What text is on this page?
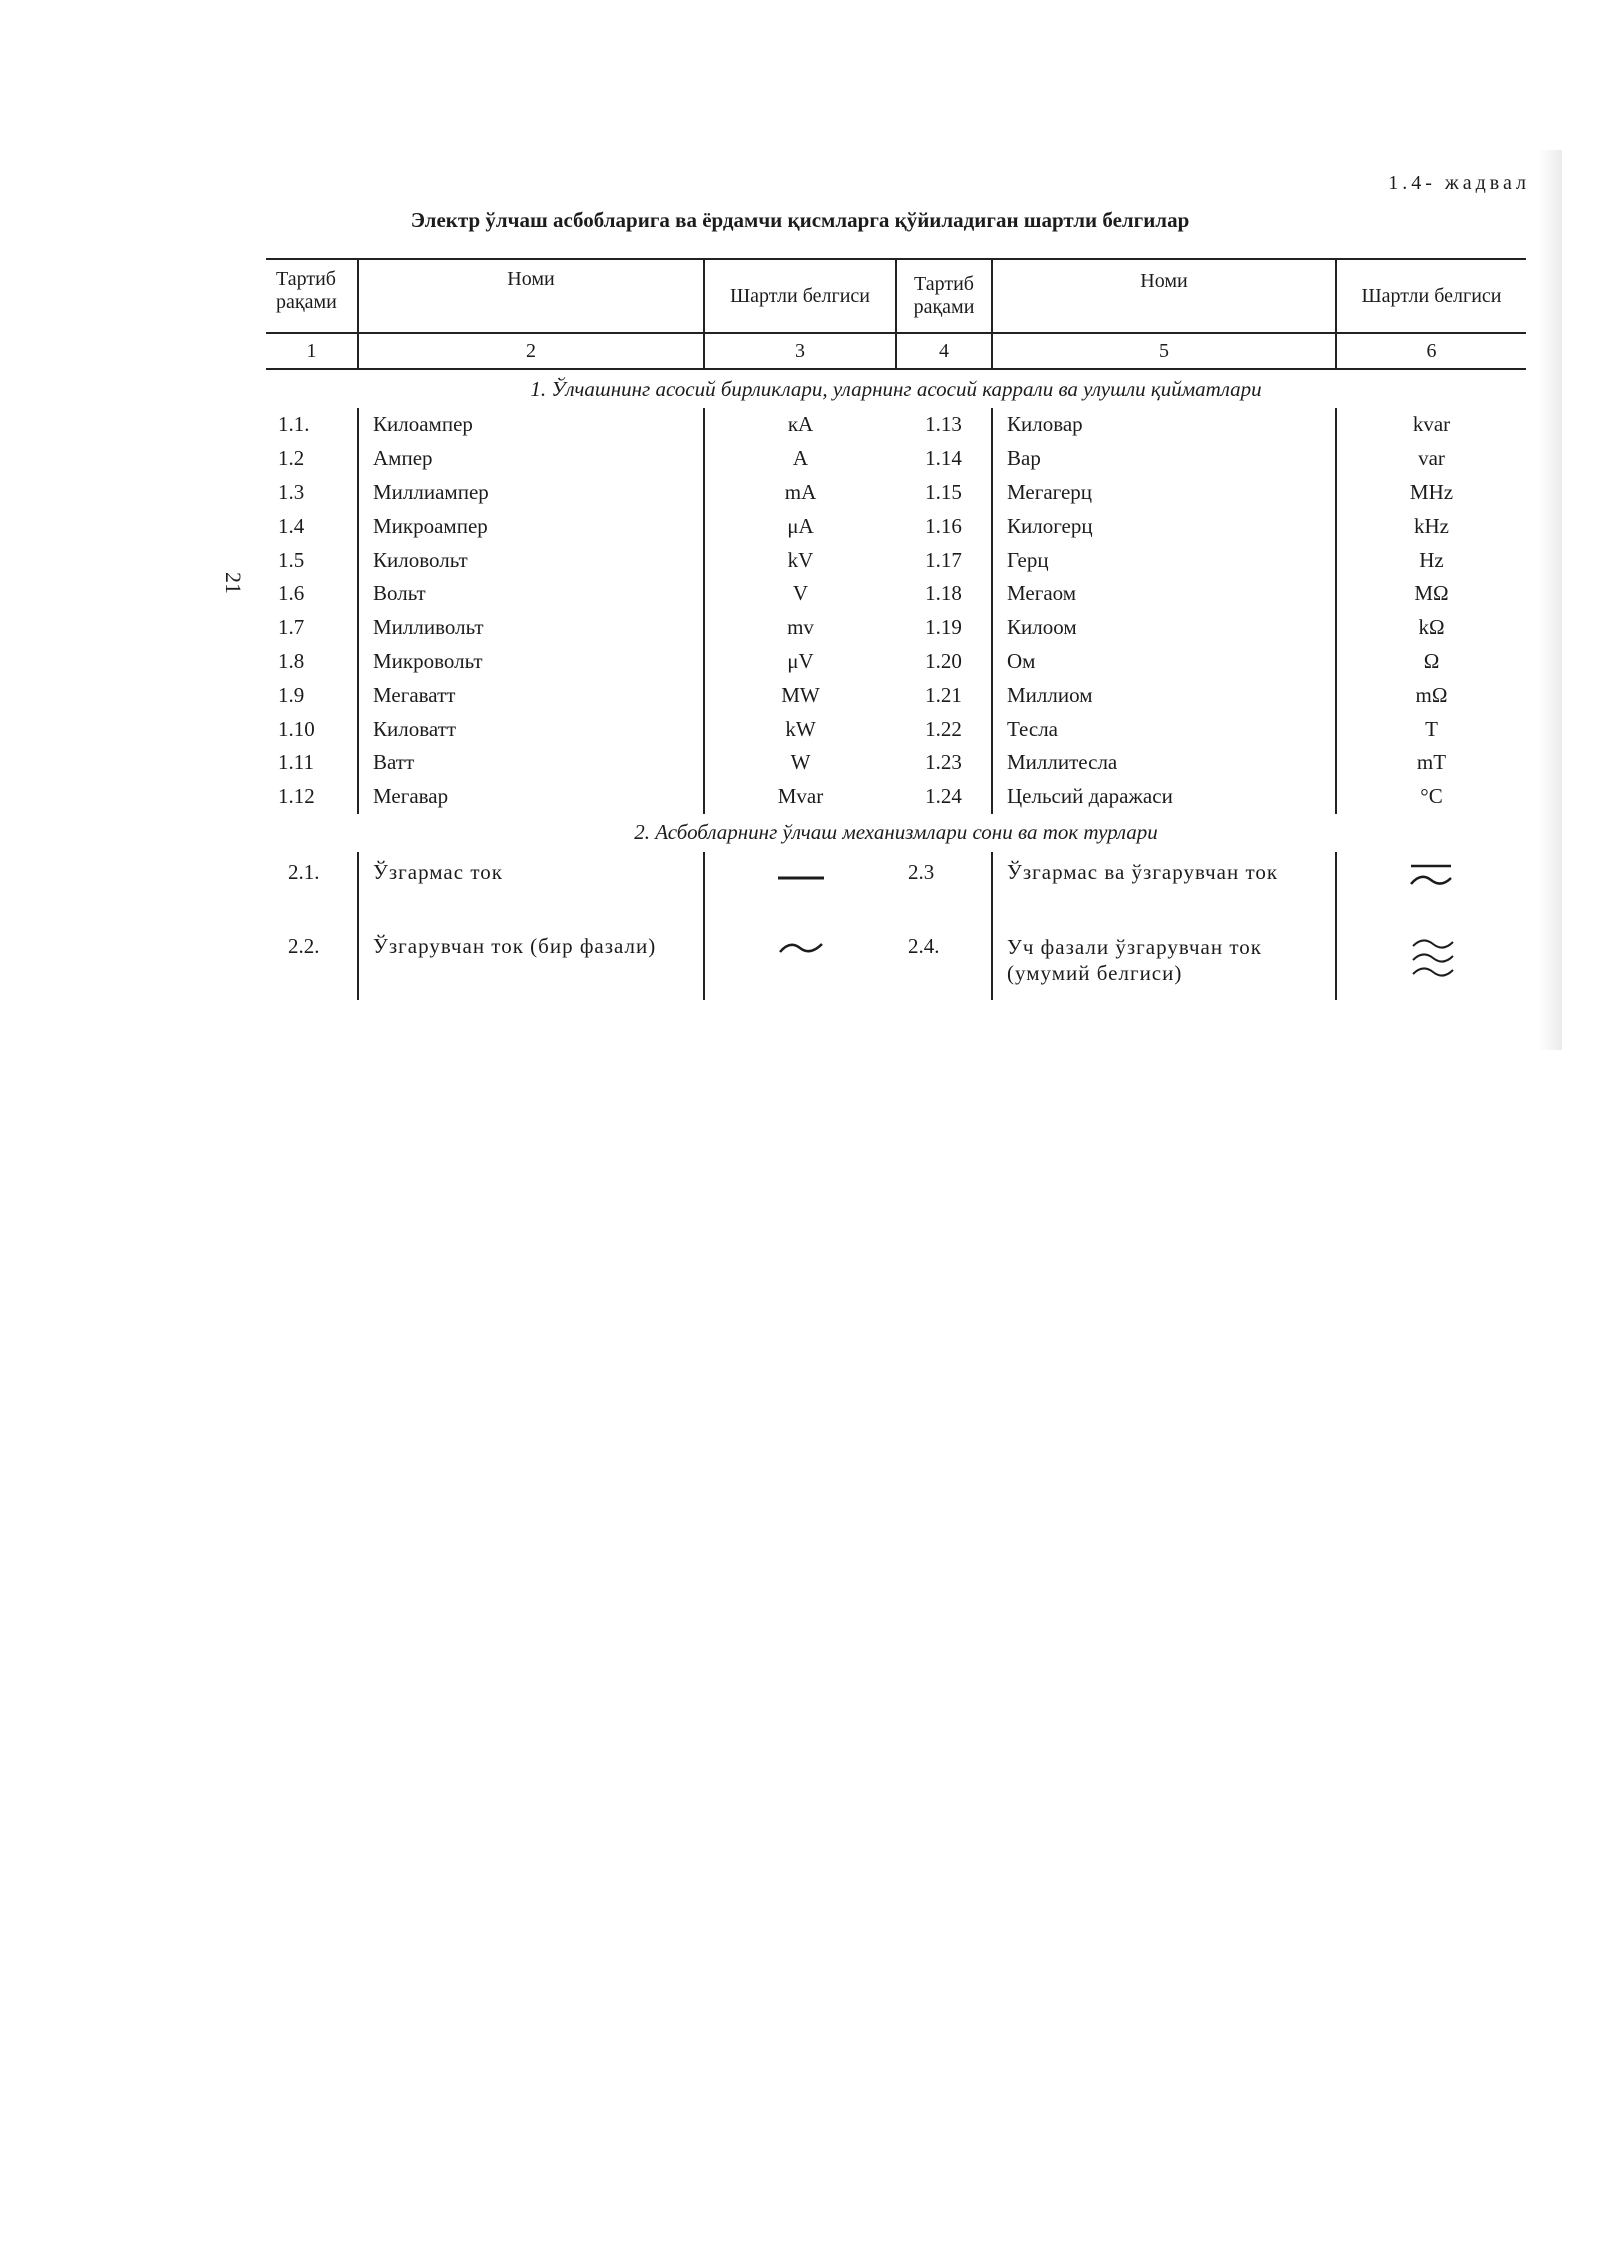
1.4- жадвал
Электр ўлчаш асбобларига ва ёрдамчи қисмларга қўйиладиган шартли белгилар
21
Тартиб рақами	Номи	Шартли белгиси	Тартиб рақами	Номи	Шартли белгиси
1	2	3	4	5	6
1. Ўлчашнинг асосий бирликлари, уларнинг асосий каррали ва улушли қийматлари					
1.1.	Килоампер	кА	1.13	Киловар	kvar
1.2	Ампер	A	1.14	Вар	var
1.3	Миллиампер	mA	1.15	Мегагерц	MHz
1.4	Микроампер	μA	1.16	Килогерц	kHz
1.5	Киловольт	kV	1.17	Герц	Hz
1.6	Вольт	V	1.18	Мегаом	MΩ
1.7	Милливольт	mv	1.19	Килоом	kΩ
1.8	Микровольт	μV	1.20	Ом	Ω
1.9	Мегаватт	MW	1.21	Миллиом	mΩ
1.10	Киловатт	kW	1.22	Тесла	T
1.11	Ватт	W	1.23	Миллитесла	mT
1.12	Мегавар	Mvar	1.24	Цельсий даражаси	°C
2. Асбобларнинг ўлчаш механизмлари сони ва ток турлари					
2.1.	Ўзгармас ток		2.3	Ўзгармас ва ўзгарувчан ток	
2.2.	Ўзгарувчан ток (бир фазали)		2.4.	Уч фазали ўзгарувчан ток (умумий белгиси)	
